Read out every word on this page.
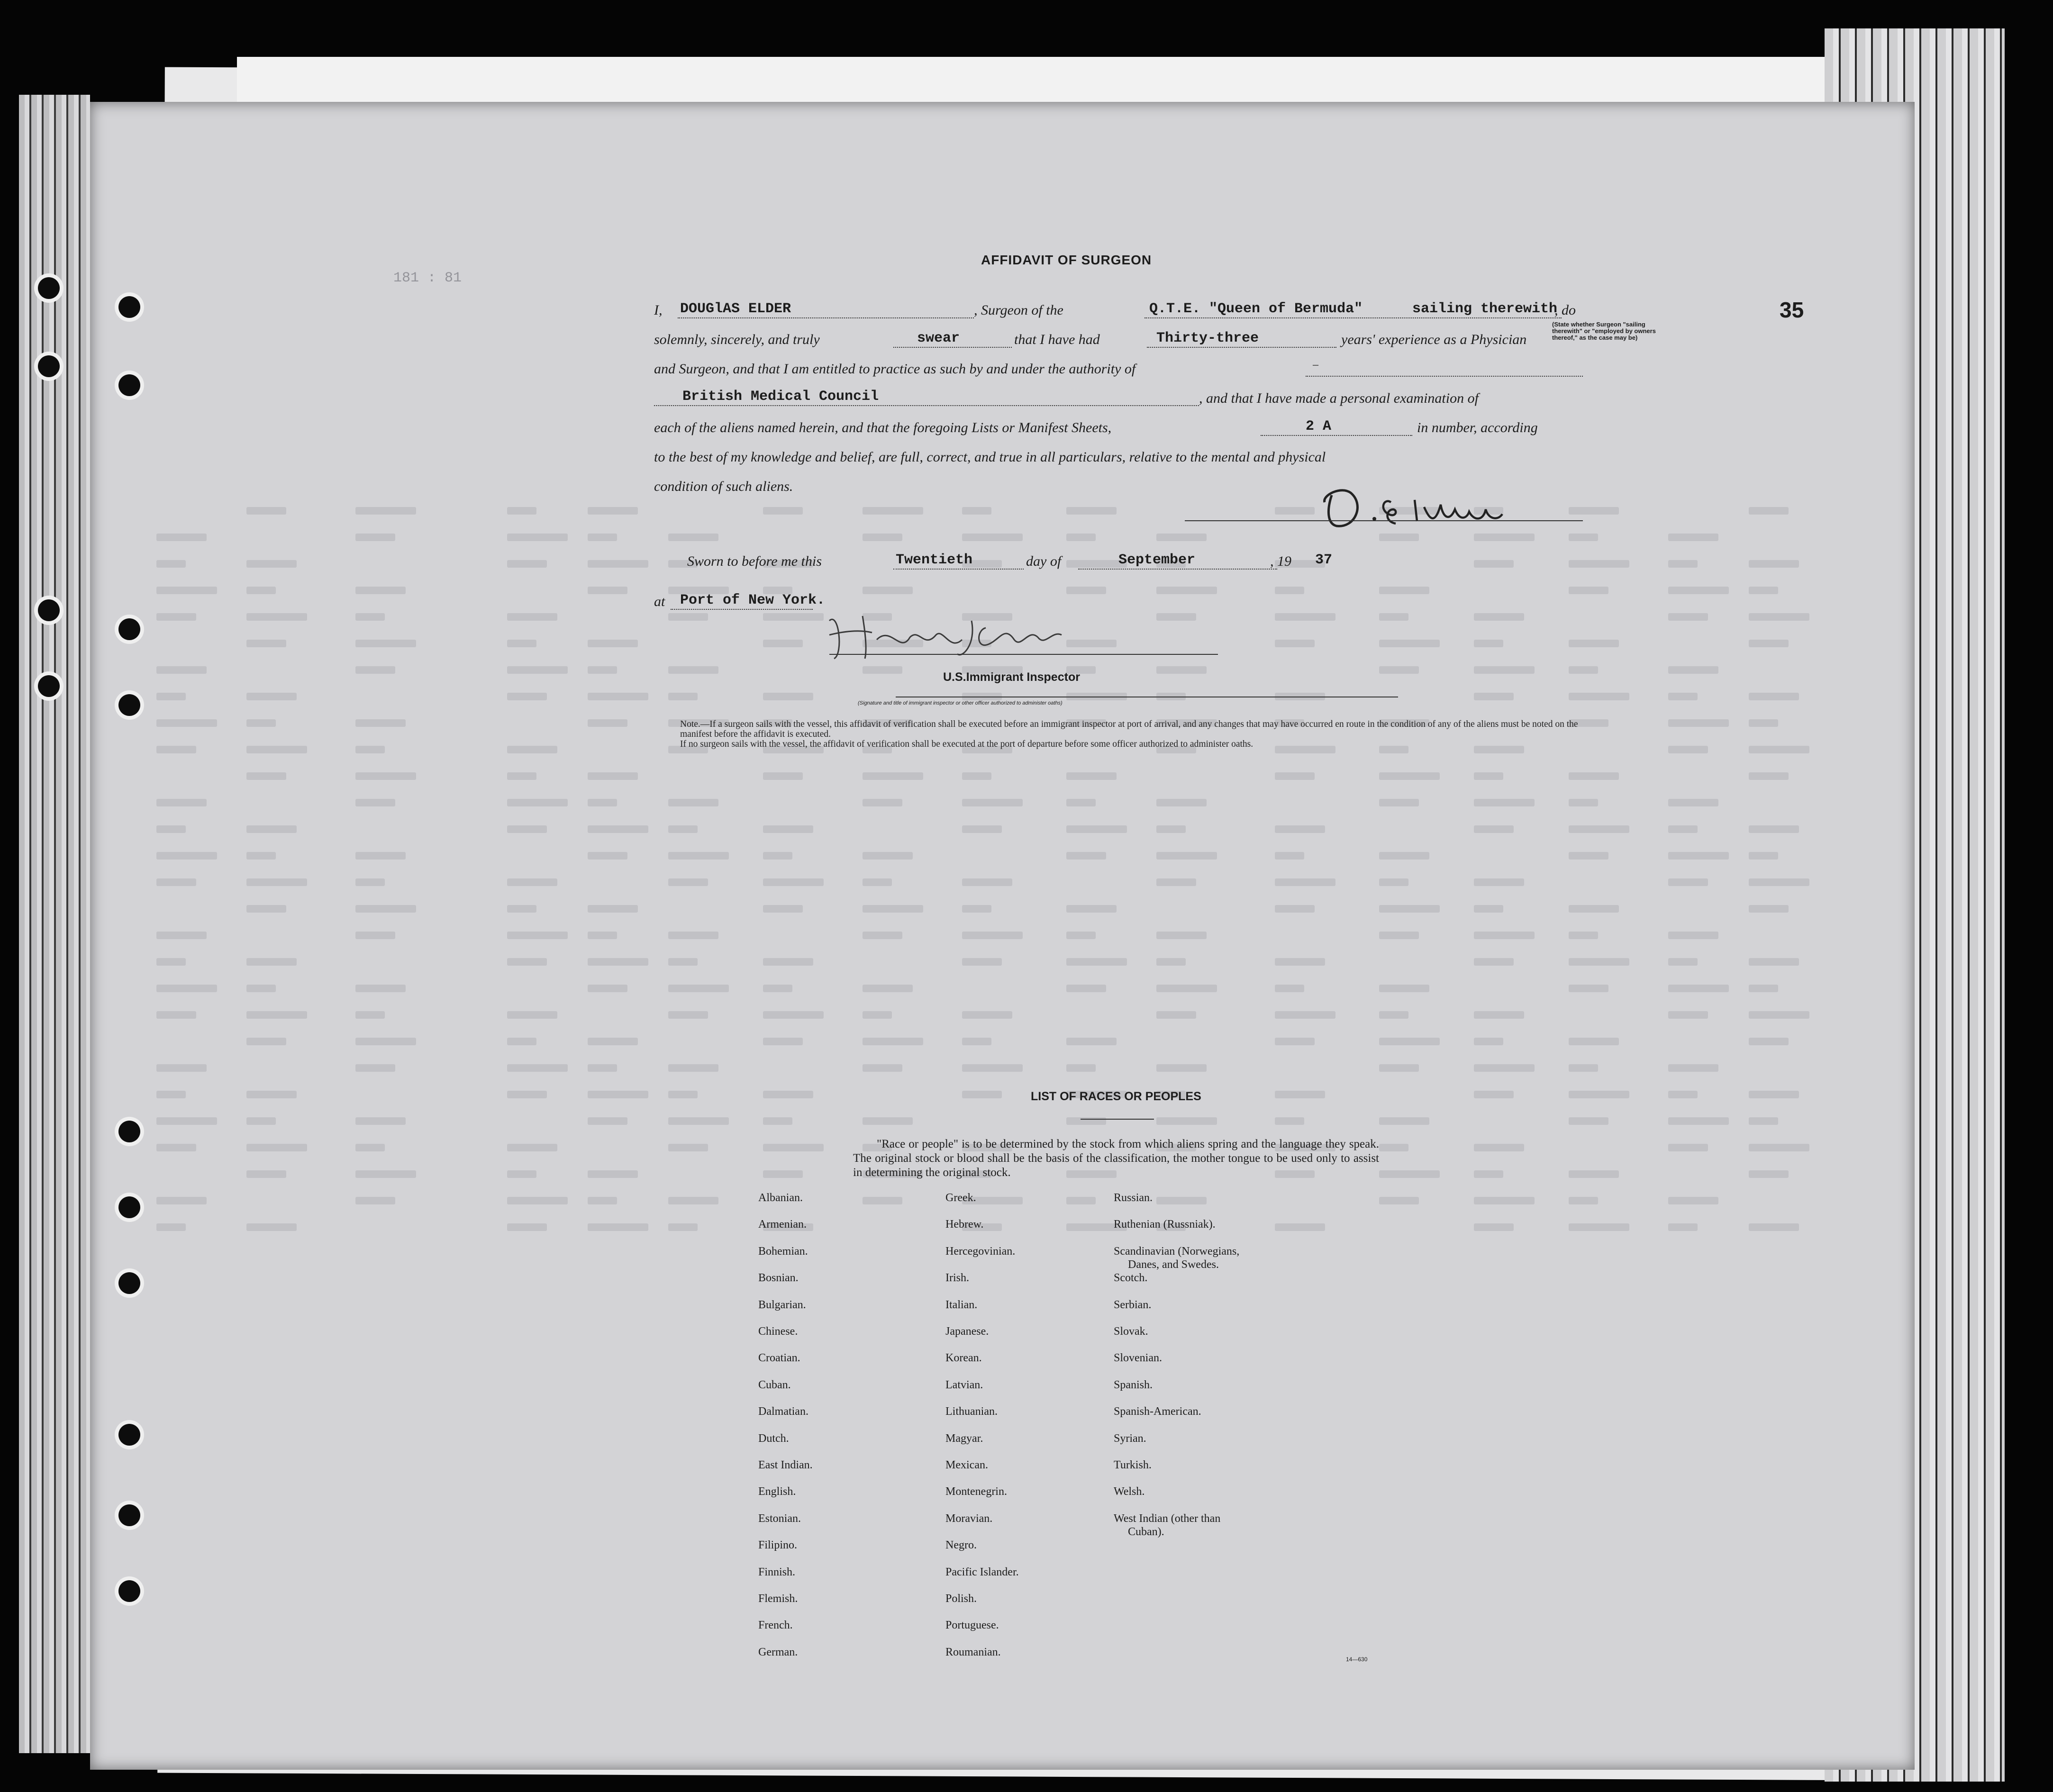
AFFIDAVIT OF SURGEON
35
181 : 81
I, DOUGlAS ELDER	, Surgeon of the	Q.T.E. "Queen of Bermuda"	sailing therewith
, do
(State whether Surgeon "sailing therewith" or "employed by owners thereof," as the case may be)
solemnly, sincerely, and truly	swear	that I have had	Thirty-three	years' experience as a Physician
and Surgeon, and that I am entitled to practice as such by and under the authority of	—
British Medical Council	, and that I have made a personal examination of
each of the aliens named herein, and that the foregoing Lists or Manifest Sheets,	2 A	in number, according
to the best of my knowledge and belief, are full, correct, and true in all particulars, relative to the mental and physical
condition of such aliens.
Sworn to before me this	Twentieth	day of	September	, 19 37
at Port of New York.
U.S.Immigrant Inspector
(Signature and title of immigrant inspector or other officer authorized to administer oaths)
Note.—If a surgeon sails with the vessel, this affidavit of verification shall be executed before an immigrant inspector at port of arrival, and any changes that may have occurred en route in the condition of any of the aliens must be noted on the manifest before the affidavit is executed.
If no surgeon sails with the vessel, the affidavit of verification shall be executed at the port of departure before some officer authorized to administer oaths.
LIST OF RACES OR PEOPLES
"Race or people" is to be determined by the stock from which aliens spring and the language they speak. The original stock or blood shall be the basis of the classification, the mother tongue to be used only to assist in determining the original stock.
Albanian.
Armenian.
Bohemian.
Bosnian.
Bulgarian.
Chinese.
Croatian.
Cuban.
Dalmatian.
Dutch.
East Indian.
English.
Estonian.
Filipino.
Finnish.
Flemish.
French.
German.
Greek.
Hebrew.
Hercegovinian.
Irish.
Italian.
Japanese.
Korean.
Latvian.
Lithuanian.
Magyar.
Mexican.
Montenegrin.
Moravian.
Negro.
Pacific Islander.
Polish.
Portuguese.
Roumanian.
Russian.
Ruthenian (Russniak).
Scandinavian (Norwegians,
Danes, and Swedes.
Scotch.
Serbian.
Slovak.
Slovenian.
Spanish.
Spanish-American.
Syrian.
Turkish.
Welsh.
West Indian (other than
Cuban).
14—630
